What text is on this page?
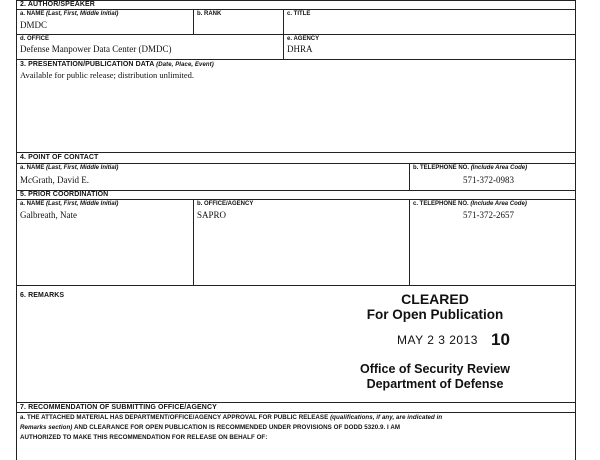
2. AUTHOR/SPEAKER
a. NAME (Last, First, Middle Initial)
DMDC
b. RANK	c. TITLE
d. OFFICE
Defense Manpower Data Center (DMDC)
e. AGENCY
DHRA
3. PRESENTATION/PUBLICATION DATA (Date, Place, Event)
Available for public release; distribution unlimited.
4. POINT OF CONTACT
a. NAME (Last, First, Middle Initial)
McGrath, David E.
b. TELEPHONE NO. (Include Area Code)
571-372-0983
5. PRIOR COORDINATION
a. NAME (Last, First, Middle Initial)
Galbreath, Nate
b. OFFICE/AGENCY
SAPRO
c. TELEPHONE NO. (Include Area Code)
571-372-2657
6. REMARKS	CLEARED
For Open Publication
MAY 2 3 2013 10
Office of Security Review
Department of Defense
7. RECOMMENDATION OF SUBMITTING OFFICE/AGENCY
a. THE ATTACHED MATERIAL HAS DEPARTMENT/OFFICE/AGENCY APPROVAL FOR PUBLIC RELEASE (qualifications, if any, are indicated in
Remarks section) AND CLEARANCE FOR OPEN PUBLICATION IS RECOMMENDED UNDER PROVISIONS OF DODD 5320.9. I AM
AUTHORIZED TO MAKE THIS RECOMMENDATION FOR RELEASE ON BEHALF OF:
